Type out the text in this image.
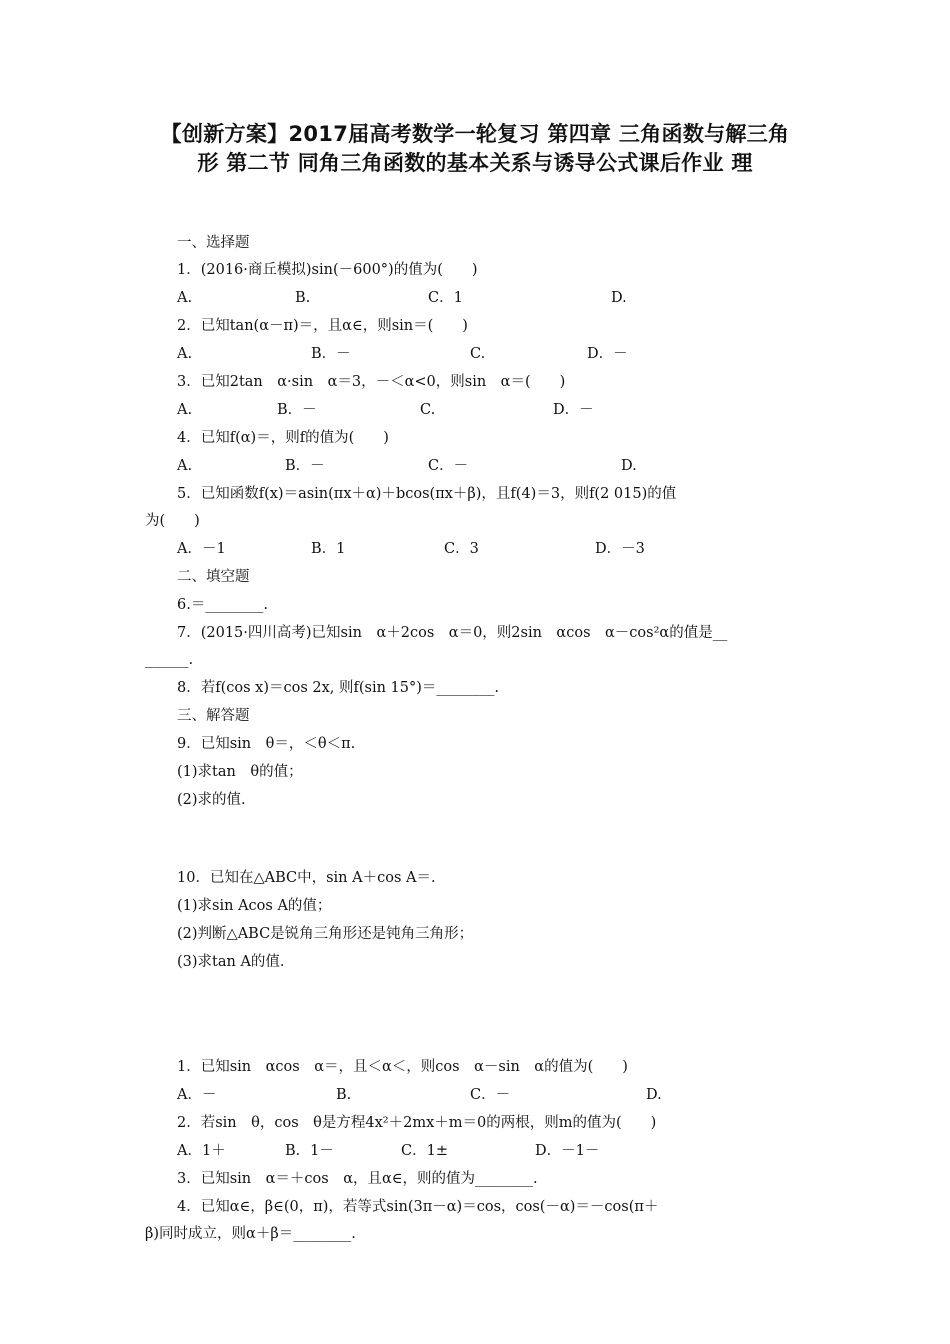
【创新方案】2017届高考数学一轮复习 第四章 三角函数与解三角
形 第二节 同角三角函数的基本关系与诱导公式课后作业 理
一、选择题
1．(2016·商丘模拟)sin(－600°)的值为(　　)
A.	B.	C．1	D.
2．已知tan(α－π)＝，且α∈，则sin＝(　　)
A.	B．－	C.	D．－
3．已知2tan　α·sin　α＝3，－＜α<0，则sin　α＝(　　)
A.	B．－	C.	D．－
4．已知f(α)＝，则f的值为(　　)
A.	B．－	C．－	D.
5．已知函数f(x)＝asin(πx＋α)＋bcos(πx＋β)，且f(4)＝3，则f(2 015)的值
为(　　)
A．－1	B．1	C．3	D．－3
二、填空题
6.＝________.
7．(2015·四川高考)已知sin　α＋2cos　α＝0，则2sin　αcos　α－cos²α的值是__
______.
8．若f(cos x)＝cos 2x, 则f(sin 15°)＝________.
三、解答题
9．已知sin　θ＝，＜θ＜π.
(1)求tan　θ的值；
(2)求的值.
10．已知在△ABC中，sin A＋cos A＝.
(1)求sin Acos A的值；
(2)判断△ABC是锐角三角形还是钝角三角形；
(3)求tan A的值.
1．已知sin　αcos　α＝，且＜α＜，则cos　α－sin　α的值为(　　)
A．－	B.	C．－	D.
2．若sin　θ，cos　θ是方程4x²＋2mx＋m＝0的两根，则m的值为(　　)
A．1＋	B．1－	C．1±	D．－1－
3．已知sin　α＝＋cos　α，且α∈，则的值为________.
4．已知α∈，β∈(0，π)，若等式sin(3π－α)＝cos，cos(－α)＝－cos(π＋
β)同时成立，则α＋β＝________.
